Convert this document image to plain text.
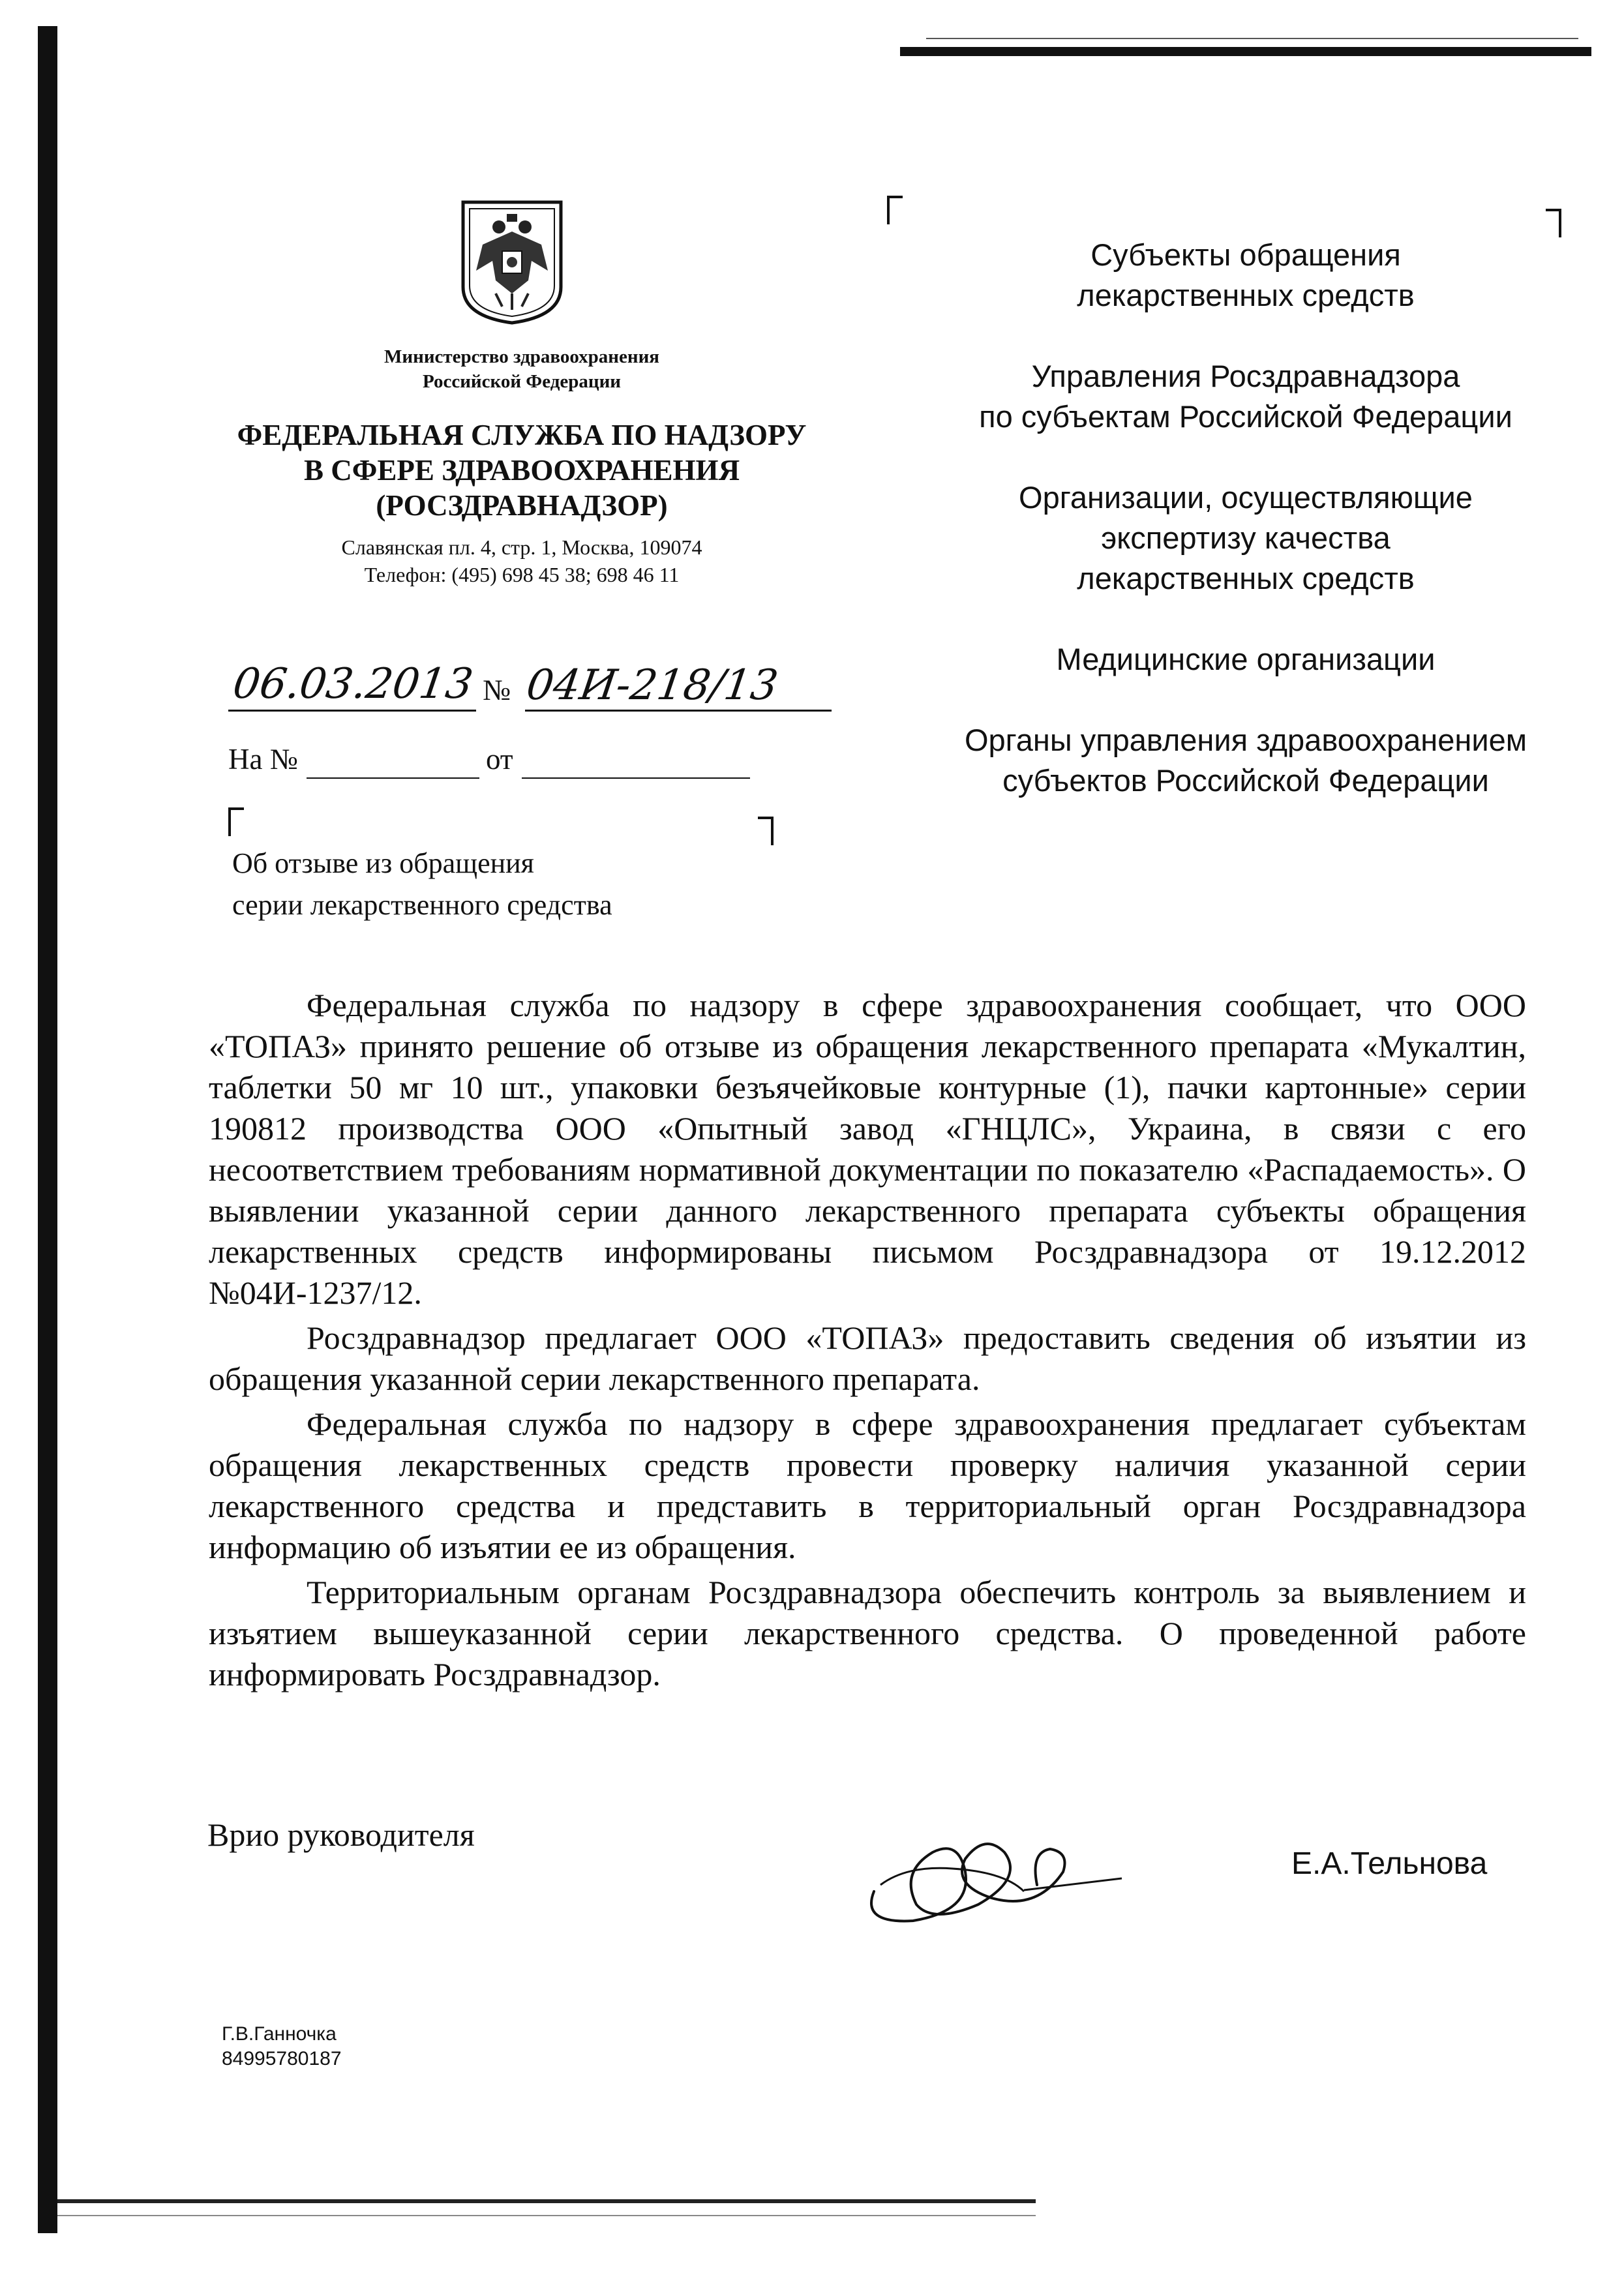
Министерство здравоохранения
Российской Федерации
ФЕДЕРАЛЬНАЯ СЛУЖБА ПО НАДЗОРУ
В СФЕРЕ ЗДРАВООХРАНЕНИЯ
(РОСЗДРАВНАДЗОР)
Славянская пл. 4, стр. 1, Москва, 109074
Телефон: (495) 698 45 38; 698 46 11
06.03.2013 № 04И-218/13
На №	от
Об отзыве из обращения
серии лекарственного средства
Субъекты обращения
лекарственных средств
Управления Росздравнадзора
по субъектам Российской Федерации
Организации, осуществляющие
экспертизу качества
лекарственных средств
Медицинские организации
Органы управления здравоохранением
субъектов Российской Федерации

Федеральная служба по надзору в сфере здравоохранения сообщает, что ООО «ТОПАЗ» принято решение об отзыве из обращения лекарственного препарата «Мукалтин, таблетки 50 мг 10 шт., упаковки безъячейковые контурные (1), пачки картонные» серии 190812 производства ООО «Опытный завод «ГНЦЛС», Украина, в связи с его несоответствием требованиям нормативной документации по показателю «Распадаемость». О выявлении указанной серии данного лекарственного препарата субъекты обращения лекарственных средств информированы письмом Росздравнадзора от 19.12.2012 №04И-1237/12.

Росздравнадзор предлагает ООО «ТОПАЗ» предоставить сведения об изъятии из обращения указанной серии лекарственного препарата.

Федеральная служба по надзору в сфере здравоохранения предлагает субъектам обращения лекарственных средств провести проверку наличия указанной серии лекарственного средства и представить в территориальный орган Росздравнадзора информацию об изъятии ее из обращения.

Территориальным органам Росздравнадзора обеспечить контроль за выявлением и изъятием вышеуказанной серии лекарственного средства. О проведенной работе информировать Росздравнадзор.

Врио руководителя
Е.А.Тельнова
Г.В.Ганночка
84995780187
